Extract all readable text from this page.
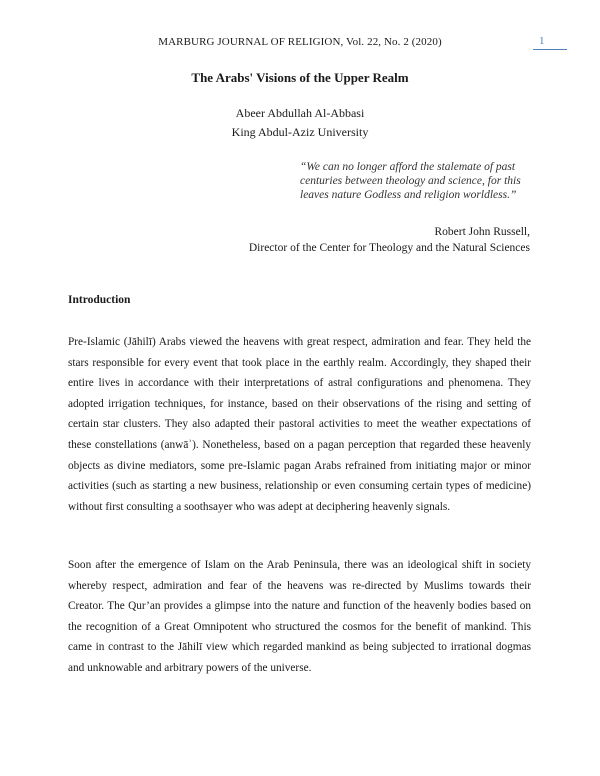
MARBURG JOURNAL OF RELIGION, Vol. 22, No. 2 (2020)	1
The Arabs' Visions of the Upper Realm
Abeer Abdullah Al-Abbasi
King Abdul-Aziz University
“We can no longer afford the stalemate of past centuries between theology and science, for this leaves nature Godless and religion worldless.”
Robert John Russell,
Director of the Center for Theology and the Natural Sciences
Introduction

Pre-Islamic (Jāhilī) Arabs viewed the heavens with great respect, admiration and fear. They held the stars responsible for every event that took place in the earthly realm. Accordingly, they shaped their entire lives in accordance with their interpretations of astral configurations and phenomena. They adopted irrigation techniques, for instance, based on their observations of the rising and setting of certain star clusters. They also adapted their pastoral activities to meet the weather expectations of these constellations (anwāʾ). Nonetheless, based on a pagan perception that regarded these heavenly objects as divine mediators, some pre-Islamic pagan Arabs refrained from initiating major or minor activities (such as starting a new business, relationship or even consuming certain types of medicine) without first consulting a soothsayer who was adept at deciphering heavenly signals.

Soon after the emergence of Islam on the Arab Peninsula, there was an ideological shift in society whereby respect, admiration and fear of the heavens was re-directed by Muslims towards their Creator. The Qur’an provides a glimpse into the nature and function of the heavenly bodies based on the recognition of a Great Omnipotent who structured the cosmos for the benefit of mankind. This came in contrast to the Jāhilī view which regarded mankind as being subjected to irrational dogmas and unknowable and arbitrary powers of the universe.
